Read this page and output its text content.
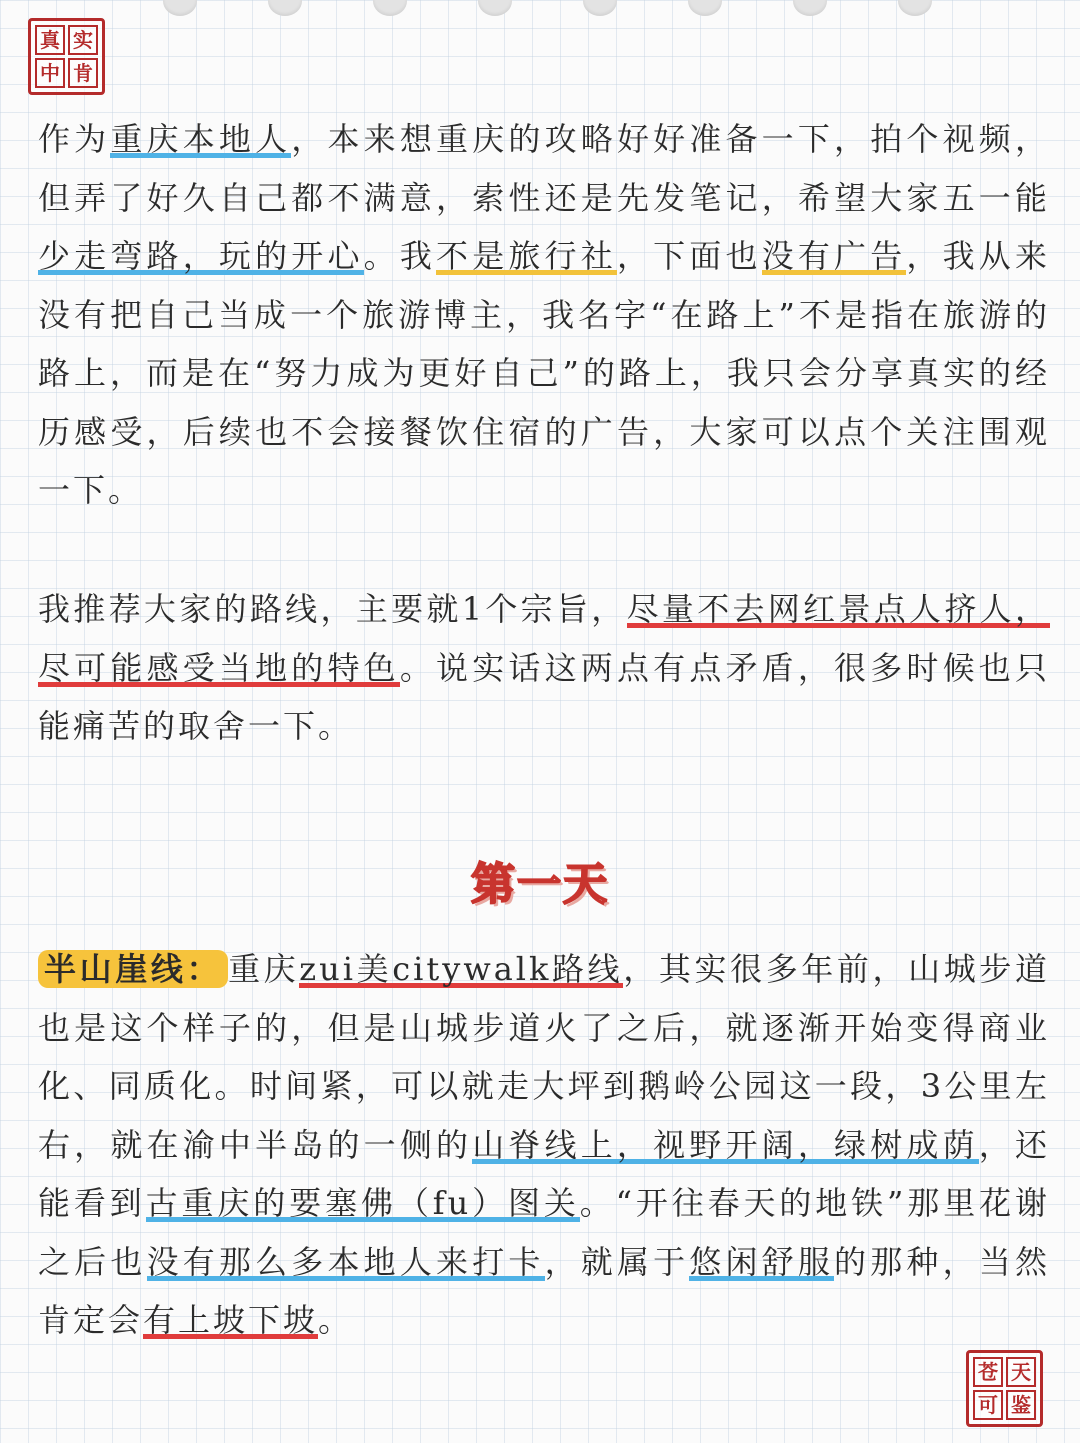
真 实
中 肯

作为重庆本地人，本来想重庆的攻略好好准备一下，拍个视频，但弄了好久自己都不满意，索性还是先发笔记，希望大家五一能少走弯路，玩的开心。我不是旅行社，下面也没有广告，我从来没有把自己当成一个旅游博主，我名字“在路上”不是指在旅游的路上，而是在“努力成为更好自己”的路上，我只会分享真实的经历感受，后续也不会接餐饮住宿的广告，大家可以点个关注围观一下。

我推荐大家的路线，主要就1个宗旨，尽量不去网红景点人挤人，尽可能感受当地的特色。说实话这两点有点矛盾，很多时候也只能痛苦的取舍一下。

第一天

半山崖线： 重庆zui美citywalk路线，其实很多年前，山城步道也是这个样子的，但是山城步道火了之后，就逐渐开始变得商业化、同质化。时间紧，可以就走大坪到鹅岭公园这一段，3公里左右，就在渝中半岛的一侧的山脊线上，视野开阔，绿树成荫，还能看到古重庆的要塞佛（fu）图关。“开往春天的地铁”那里花谢之后也没有那么多本地人来打卡，就属于悠闲舒服的那种，当然肯定会有上坡下坡。

苍 天
可 鉴
